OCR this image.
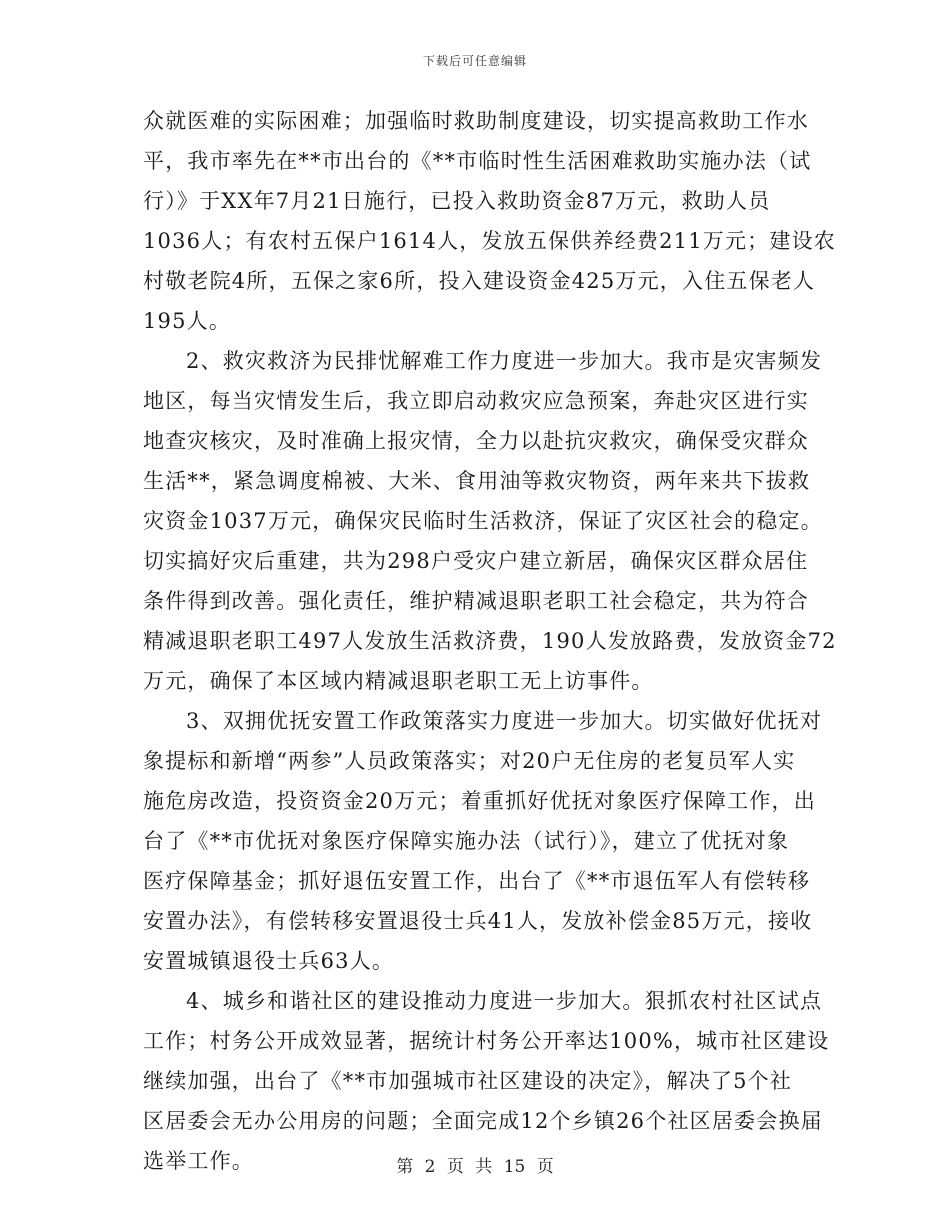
下载后可任意编辑
众就医难的实际困难；加强临时救助制度建设，切实提高救助工作水
平，我市率先在**市出台的《**市临时性生活困难救助实施办法（试
行）》于XX年7月21日施行，已投入救助资金87万元，救助人员
1036人；有农村五保户1614人，发放五保供养经费211万元；建设农
村敬老院4所，五保之家6所，投入建设资金425万元，入住五保老人
195人。
2、救灾救济为民排忧解难工作力度进一步加大。我市是灾害频发
地区，每当灾情发生后，我立即启动救灾应急预案，奔赴灾区进行实
地查灾核灾，及时准确上报灾情，全力以赴抗灾救灾，确保受灾群众
生活**，紧急调度棉被、大米、食用油等救灾物资，两年来共下拔救
灾资金1037万元，确保灾民临时生活救济，保证了灾区社会的稳定。
切实搞好灾后重建，共为298户受灾户建立新居，确保灾区群众居住
条件得到改善。强化责任，维护精减退职老职工社会稳定，共为符合
精减退职老职工497人发放生活救济费，190人发放路费，发放资金72
万元，确保了本区域内精减退职老职工无上访事件。
3、双拥优抚安置工作政策落实力度进一步加大。切实做好优抚对
象提标和新增“两参”人员政策落实；对20户无住房的老复员军人实
施危房改造，投资资金20万元；着重抓好优抚对象医疗保障工作，出
台了《**市优抚对象医疗保障实施办法（试行）》，建立了优抚对象
医疗保障基金；抓好退伍安置工作，出台了《**市退伍军人有偿转移
安置办法》，有偿转移安置退役士兵41人，发放补偿金85万元，接收
安置城镇退役士兵63人。
4、城乡和谐社区的建设推动力度进一步加大。狠抓农村社区试点
工作；村务公开成效显著，据统计村务公开率达100%，城市社区建设
继续加强，出台了《**市加强城市社区建设的决定》，解决了5个社
区居委会无办公用房的问题；全面完成12个乡镇26个社区居委会换届
选举工作。	第 2 页 共 15 页
